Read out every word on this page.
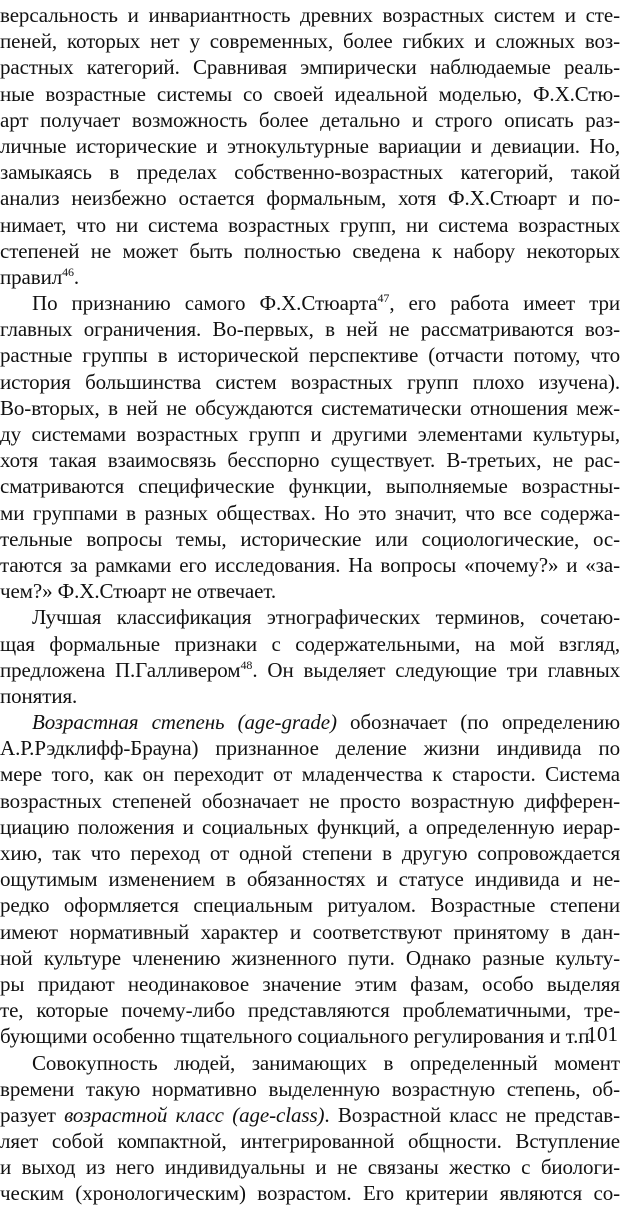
версальность и инвариантность древних возрастных систем и сте-
пеней, которых нет у современных, более гибких и сложных воз-
растных категорий. Сравнивая эмпирически наблюдаемые реаль-
ные возрастные системы со своей идеальной моделью, Ф.Х.Стю-
арт получает возможность более детально и строго описать раз-
личные исторические и этнокультурные вариации и девиации. Но,
замыкаясь в пределах собственно-возрастных категорий, такой
анализ неизбежно остается формальным, хотя Ф.Х.Стюарт и по-
нимает, что ни система возрастных групп, ни система возрастных
степеней не может быть полностью сведена к набору некоторых
правил$^{46}$.
По признанию самого Ф.Х.Стюарта$^{47}$, его работа имеет три
главных ограничения. Во-первых, в ней не рассматриваются воз-
растные группы в исторической перспективе (отчасти потому, что
история большинства систем возрастных групп плохо изучена).
Во-вторых, в ней не обсуждаются систематически отношения меж-
ду системами возрастных групп и другими элементами культуры,
хотя такая взаимосвязь бесспорно существует. В-третьих, не рас-
сматриваются специфические функции, выполняемые возрастны-
ми группами в разных обществах. Но это значит, что все содержа-
тельные вопросы темы, исторические или социологические, ос-
таются за рамками его исследования. На вопросы «почему?» и «за-
чем?» Ф.Х.Стюарт не отвечает.
Лучшая классификация этнографических терминов, сочетаю-
щая формальные признаки с содержательными, на мой взгляд,
предложена П.Галливером$^{48}$. Он выделяет следующие три главных
понятия.
Возрастная степень (age-grade) обозначает (по определению
А.Р.Рэдклифф-Брауна) признанное деление жизни индивида по
мере того, как он переходит от младенчества к старости. Система
возрастных степеней обозначает не просто возрастную дифферен-
циацию положения и социальных функций, а определенную иерар-
хию, так что переход от одной степени в другую сопровождается
ощутимым изменением в обязанностях и статусе индивида и не-
редко оформляется специальным ритуалом. Возрастные степени
имеют нормативный характер и соответствуют принятому в дан-
ной культуре членению жизненного пути. Однако разные культу-
ры придают неодинаковое значение этим фазам, особо выделяя
те, которые почему-либо представляются проблематичными, тре-
бующими особенно тщательного социального регулирования и т.п.
Совокупность людей, занимающих в определенный момент
времени такую нормативно выделенную возрастную степень, об-
разует возрастной класс (age-class). Возрастной класс не представ-
ляет собой компактной, интегрированной общности. Вступление
и выход из него индивидуальны и не связаны жестко с биологи-
ческим (хронологическим) возрастом. Его критерии являются со-
101
